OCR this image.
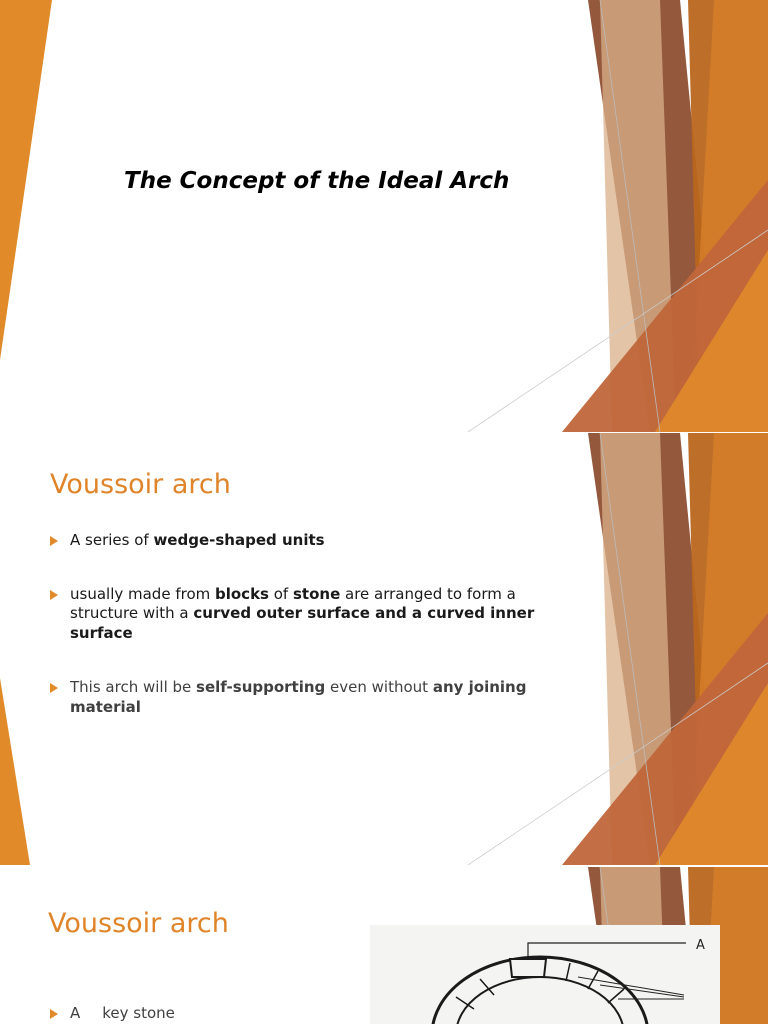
The Concept of the Ideal Arch
Voussoir arch
A series of wedge-shaped units
usually made from blocks of stone are arranged to form a structure with a curved outer surface and a curved inner surface
This arch will be self-supporting even without any joining material
Voussoir arch
A
A key stone
